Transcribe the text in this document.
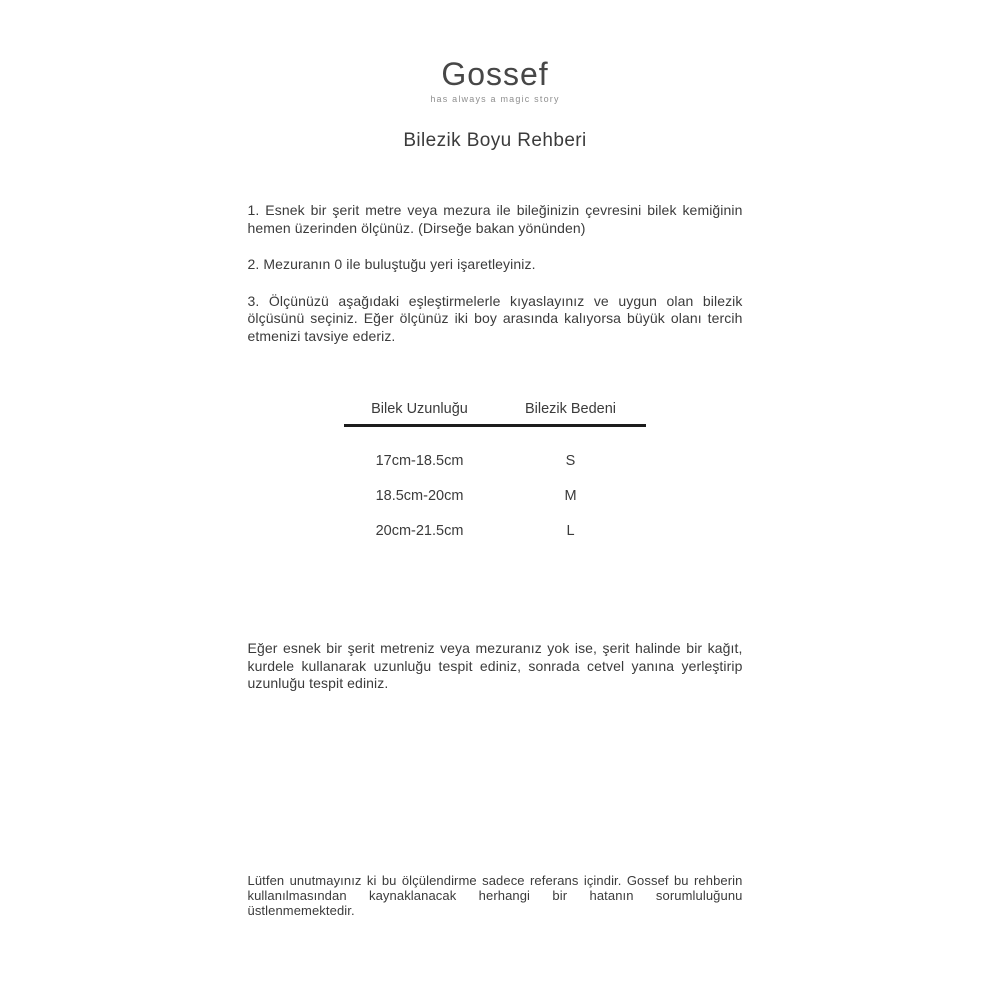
Gossef
has always a magic story
Bilezik Boyu Rehberi

1. Esnek bir şerit metre veya mezura ile bileğinizin çevresini bilek kemiğinin hemen üzerinden ölçünüz. (Dirseğe bakan yönünden)

2. Mezuranın 0 ile buluştuğu yeri işaretleyiniz.

3. Ölçünüzü aşağıdaki eşleştirmelerle kıyaslayınız ve uygun olan bilezik ölçüsünü seçiniz. Eğer ölçünüz iki boy arasında kalıyorsa büyük olanı tercih etmenizi tavsiye ederiz.

Bilek Uzunluğu	Bilezik Bedeni
17cm-18.5cm	S
18.5cm-20cm	M
20cm-21.5cm	L

Eğer esnek bir şerit metreniz veya mezuranız yok ise, şerit halinde bir kağıt, kurdele kullanarak uzunluğu tespit ediniz, sonrada cetvel yanına yerleştirip uzunluğu tespit ediniz.

Lütfen unutmayınız ki bu ölçülendirme sadece referans içindir. Gossef bu rehberin kullanılmasından kaynaklanacak herhangi bir hatanın sorumluluğunu üstlenmemektedir.
